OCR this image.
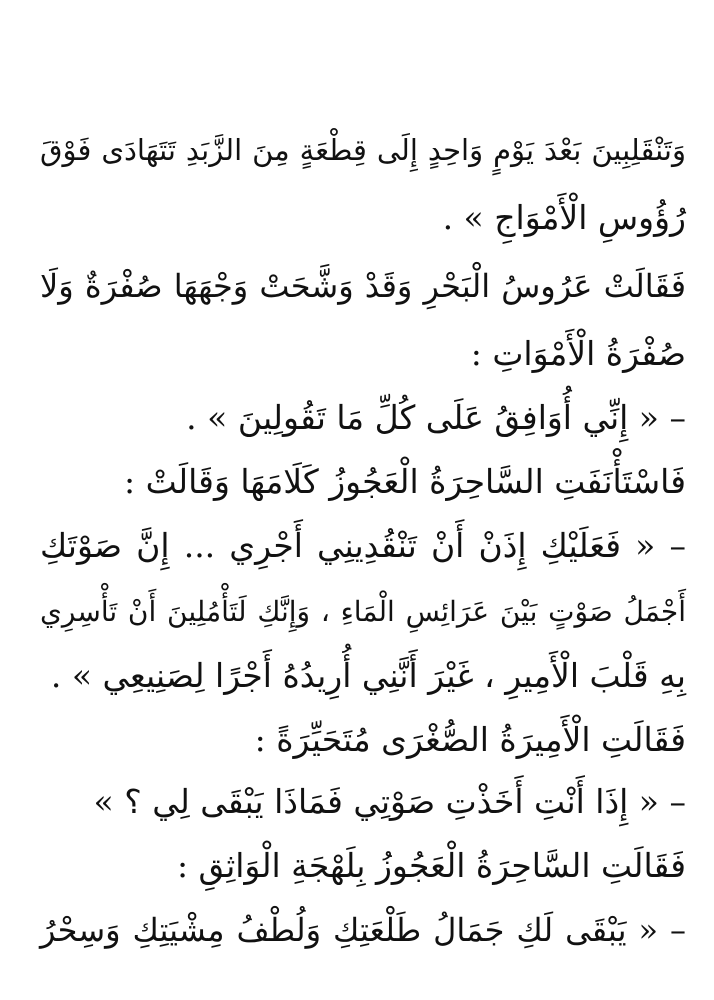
وَتَنْقَلِبِينَ بَعْدَ يَوْمٍ وَاحِدٍ إِلَى قِطْعَةٍ مِنَ الزَّبَدِ تَتَهَادَى فَوْقَ
رُؤُوسِ الْأَمْوَاجِ » .
فَقَالَتْ عَرُوسُ الْبَحْرِ وَقَدْ وَشَّحَتْ وَجْهَهَا صُفْرَةٌ وَلَا
صُفْرَةُ الْأَمْوَاتِ :
– « إِنِّي أُوَافِقُ عَلَى كُلِّ مَا تَقُولِينَ » .
فَاسْتَأْنَفَتِ السَّاحِرَةُ الْعَجُوزُ كَلَامَهَا وَقَالَتْ :
– « فَعَلَيْكِ إِذَنْ أَنْ تَنْقُدِينِي أَجْرِي ... إِنَّ صَوْتَكِ
أَجْمَلُ صَوْتٍ بَيْنَ عَرَائِسِ الْمَاءِ ، وَإِنَّكِ لَتَأْمُلِينَ أَنْ تَأْسِرِي
بِهِ قَلْبَ الْأَمِيرِ ، غَيْرَ أَنَّنِي أُرِيدُهُ أَجْرًا لِصَنِيعِي » .
فَقَالَتِ الْأَمِيرَةُ الصُّغْرَى مُتَحَيِّرَةً :
– « إِذَا أَنْتِ أَخَذْتِ صَوْتِي فَمَاذَا يَبْقَى لِي ؟ »
فَقَالَتِ السَّاحِرَةُ الْعَجُوزُ بِلَهْجَةِ الْوَاثِقِ :
– « يَبْقَى لَكِ جَمَالُ طَلْعَتِكِ وَلُطْفُ مِشْيَتِكِ وَسِحْرُ
